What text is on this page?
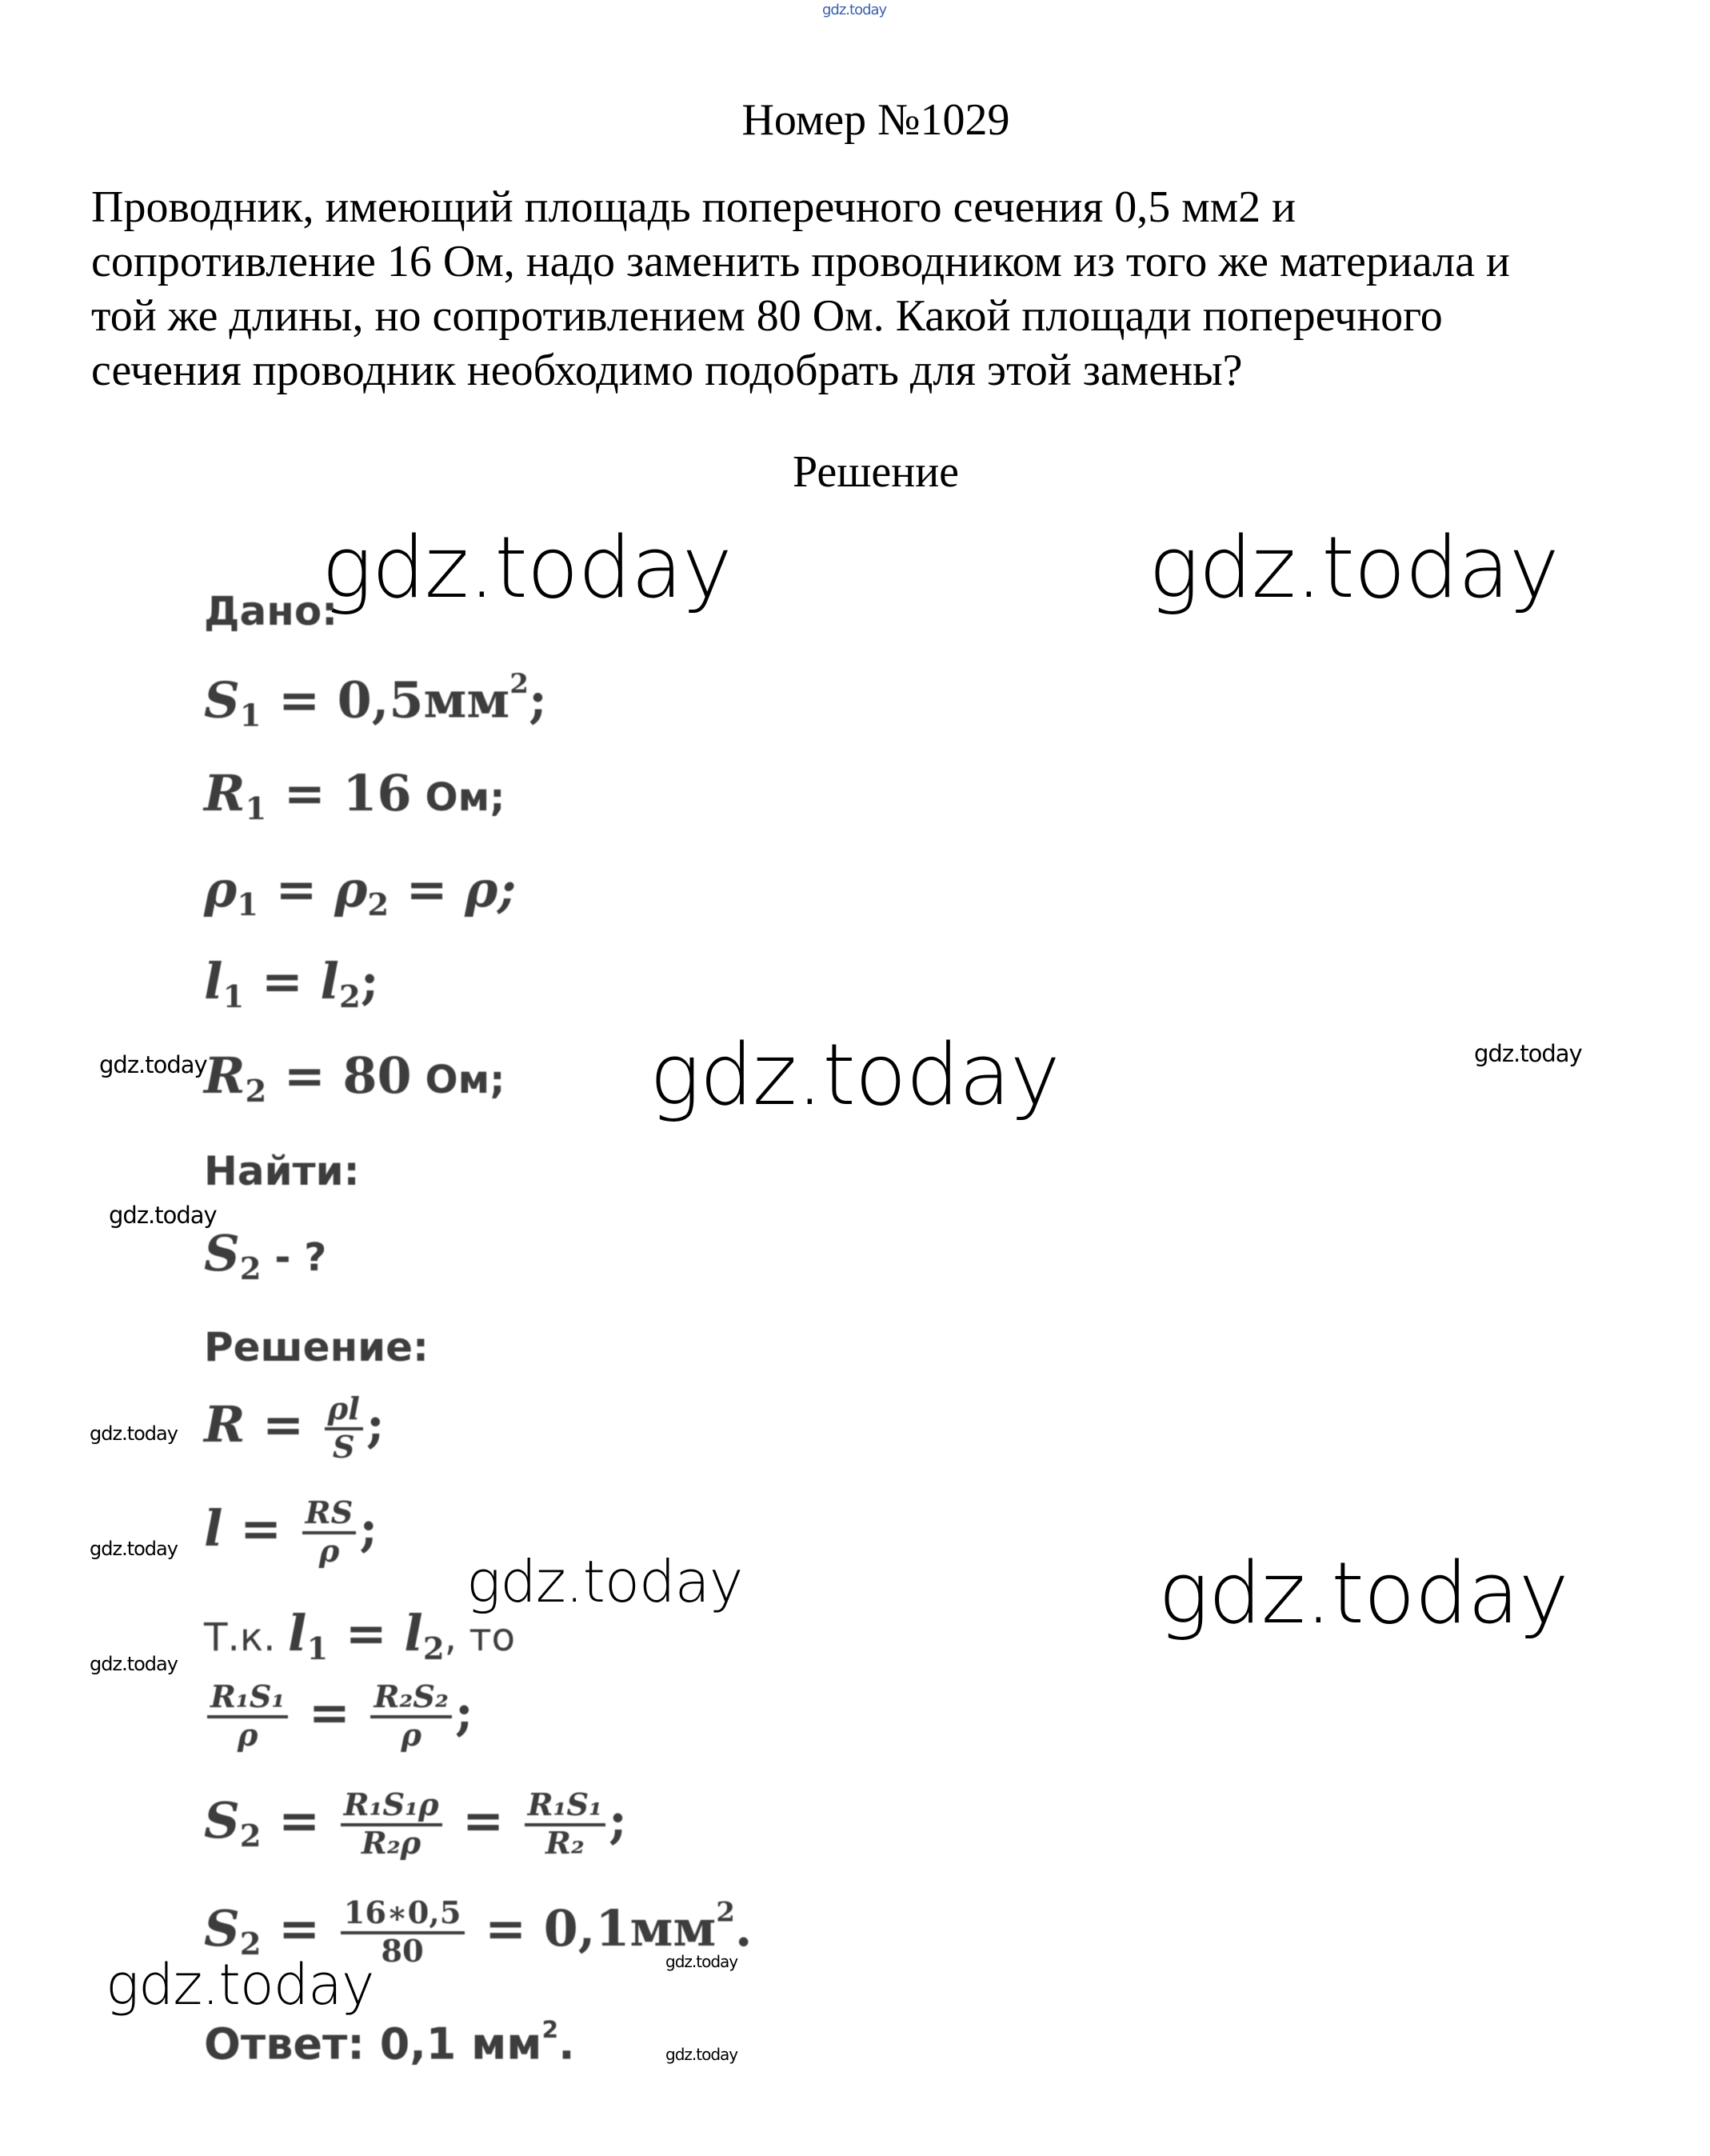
gdz.today
gdz.today	gdz.today
gdz.today
gdz.today
gdz.today
gdz.today
gdz.today	gdz.today
gdz.today
gdz.today
gdz.today
gdz.today
gdz.today
gdz.today
Номер №1029
Проводник, имеющий площадь поперечного сечения 0,5 мм2 и
сопротивление 16 Ом, надо заменить проводником из того же материала и
той же длины, но сопротивлением 80 Ом. Какой площади поперечного
сечения проводник необходимо подобрать для этой замены?
Решение
Дано:
$S_1 = 0,5мм^2$;
$R_1 = 16$ Ом;
$\rho_1 = \rho_2 = \rho$;
$l_1 = l_2$;
$R_2 = 80$ Ом;
Найти:
$S_2$ - ?
Решение:
$R = \frac{\rho l}{S}$ ;
$l = \frac{RS}{\rho}$ ;
Т.к. $l_1 = l_2$, то
$\frac{\text{R₁S₁}}{\rho} = \frac{\text{R₂S₂}}{\rho}$ ;
$S_2 = \frac{\text{R₁S₁ρ}}{\text{R₂ρ}} = \frac{\text{R₁S₁}}{\text{R₂}}$ ;
$S_2 = \frac{16∗0,5}{80} = 0,1мм^2$.
Ответ: 0,1 $мм^2$.
